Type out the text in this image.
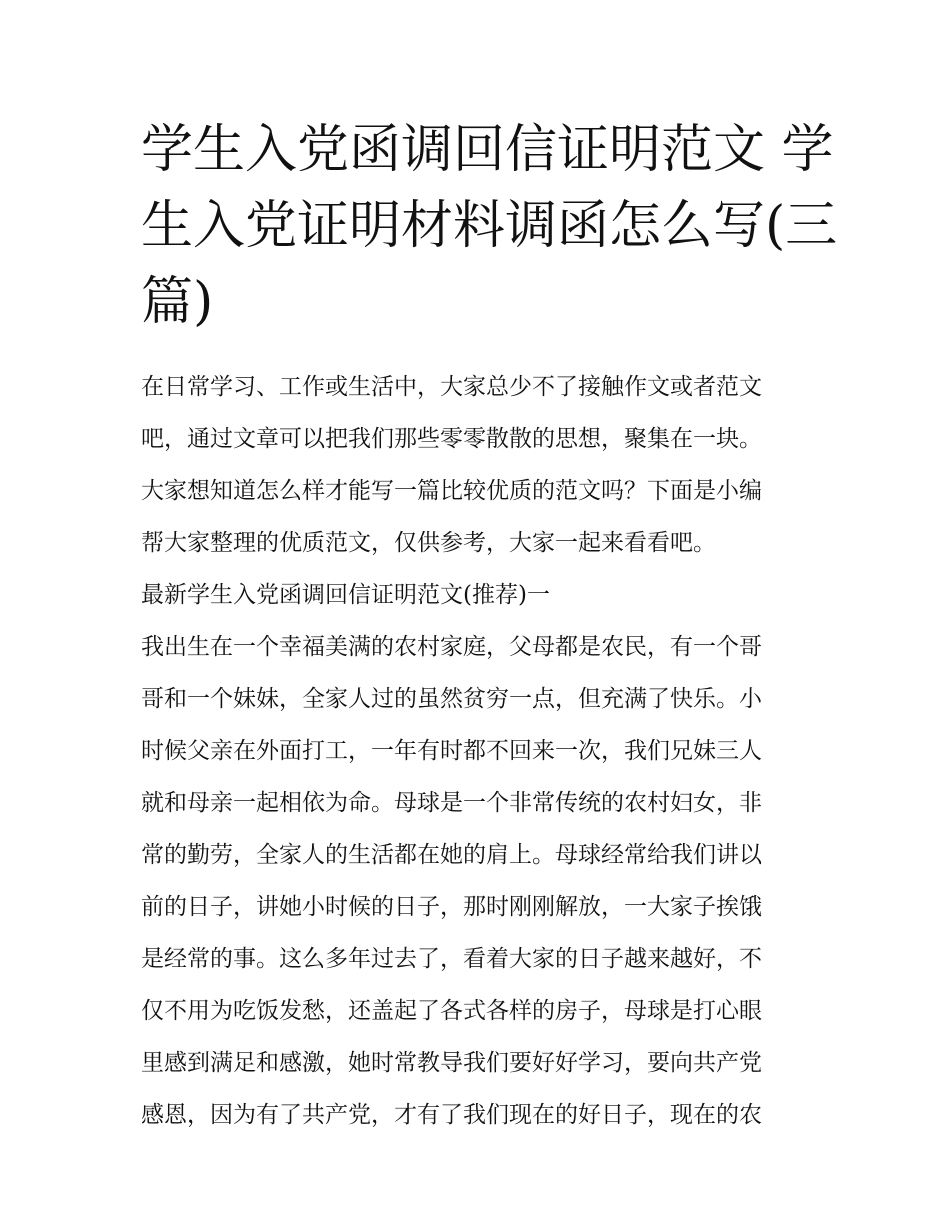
学生入党函调回信证明范文 学
生入党证明材料调函怎么写(三
篇)
在日常学习、工作或生活中，大家总少不了接触作文或者范文
吧，通过文章可以把我们那些零零散散的思想，聚集在一块。
大家想知道怎么样才能写一篇比较优质的范文吗？下面是小编
帮大家整理的优质范文，仅供参考，大家一起来看看吧。
最新学生入党函调回信证明范文(推荐)一
我出生在一个幸福美满的农村家庭，父母都是农民，有一个哥
哥和一个妹妹，全家人过的虽然贫穷一点，但充满了快乐。小
时候父亲在外面打工，一年有时都不回来一次，我们兄妹三人
就和母亲一起相依为命。母球是一个非常传统的农村妇女，非
常的勤劳，全家人的生活都在她的肩上。母球经常给我们讲以
前的日子，讲她小时候的日子，那时刚刚解放，一大家子挨饿
是经常的事。这么多年过去了，看着大家的日子越来越好，不
仅不用为吃饭发愁，还盖起了各式各样的房子，母球是打心眼
里感到满足和感激，她时常教导我们要好好学习，要向共产党
感恩，因为有了共产党，才有了我们现在的好日子，现在的农
